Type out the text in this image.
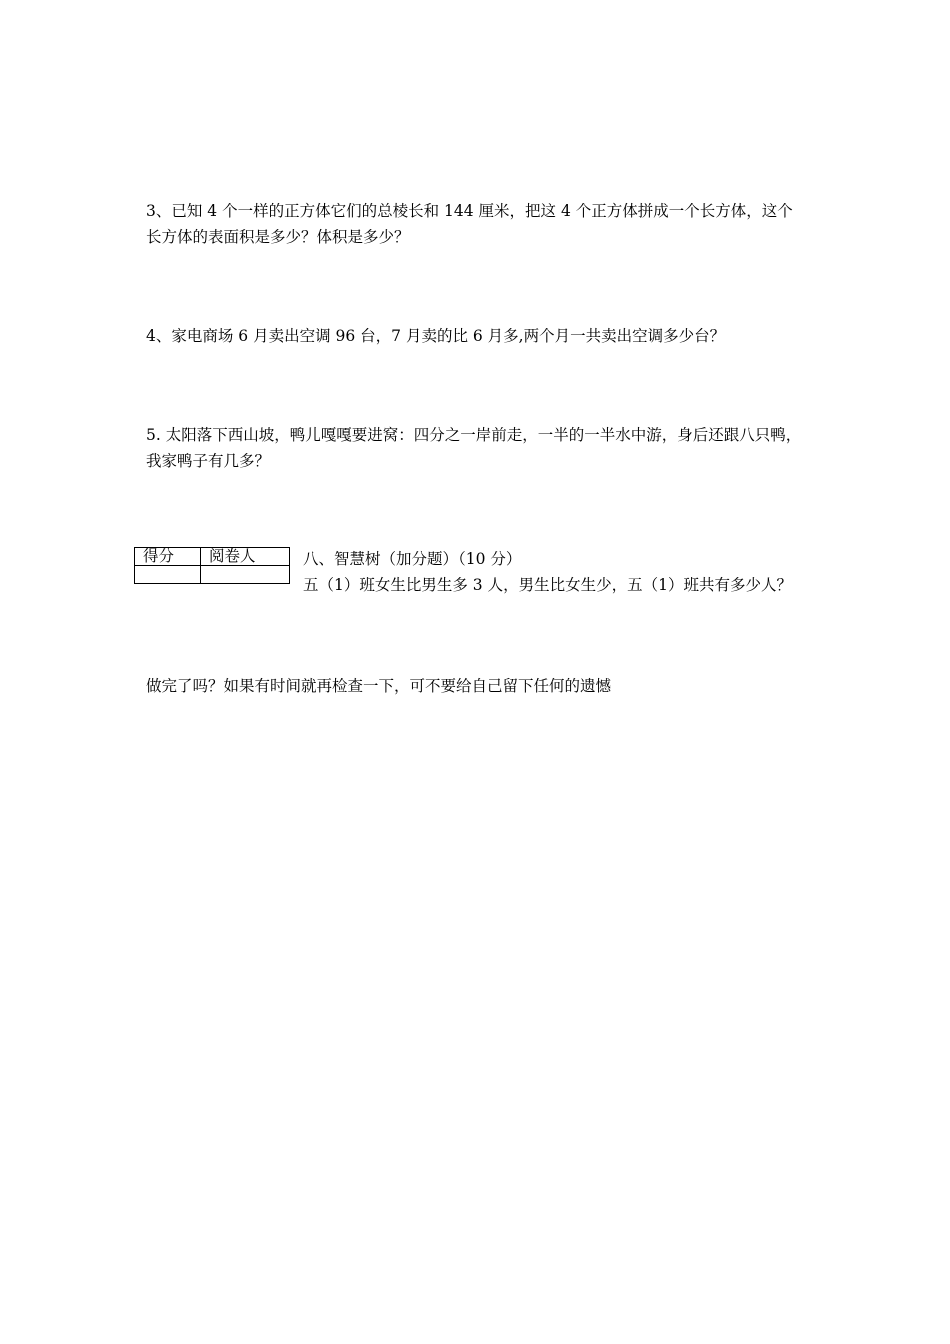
3、已知 4 个一样的正方体它们的总棱长和 144 厘米，把这 4 个正方体拼成一个长方体，这个
长方体的表面积是多少？体积是多少？
4、家电商场 6 月卖出空调 96 台，7 月卖的比 6 月多,两个月一共卖出空调多少台？
5. 太阳落下西山坡，鸭儿嘎嘎要进窝：四分之一岸前走，一半的一半水中游，身后还跟八只鸭，
我家鸭子有几多？
得分	阅卷人
		八、智慧树（加分题）（10 分）
五（1）班女生比男生多 3 人，男生比女生少，五（1）班共有多少人？
做完了吗？如果有时间就再检查一下，可不要给自己留下任何的遗憾
